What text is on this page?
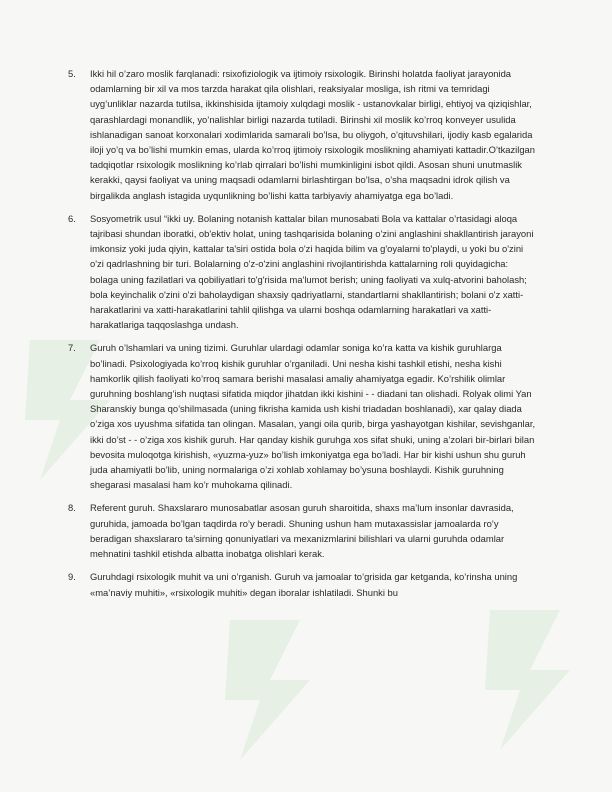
5.	Ikki hil o’zaro moslik farqlanadi: rsixofiziologik va ijtimoiy rsixologik. Birinshi holatda faoliyat jarayonida odamlarning bir xil va mos tarzda harakat qila olishlari, reaksiyalar mosliga, ish ritmi va temridagi uyg’unliklar nazarda tutilsa, ikkinshisida ijtamoiy xulqdagi moslik - ustanovkalar birligi, ehtiyoj va qiziqishlar, qarashlardagi monandlik, yo’nalishlar birligi nazarda tutiladi. Birinshi xil moslik ko’rroq konveyer usulida ishlanadigan sanoat korxonalari xodimlarida samarali bo’lsa, bu oliygoh, o’qituvshilari, ijodiy kasb egalarida iloji yo’q va bo’lishi mumkin emas, ularda ko’rroq ijtimoiy rsixologik moslikning ahamiyati kattadir.O’tkazilgan tadqiqotlar rsixologik moslikning ko’rlab qirralari bo’lishi mumkinligini isbot qildi. Asosan shuni unutmaslik kerakki, qaysi faoliyat va uning maqsadi odamlarni birlashtirgan bo’lsa, o’sha maqsadni idrok qilish va birgalikda anglash istagida uyqunlikning bo’lishi katta tarbiyaviy ahamiyatga ega bo’ladi.
6.	Sosyometrik usul “ikki uy. Bolaning notanish kattalar bilan munosabati Bola va kattalar o’rtasidagi aloqa tajribasi shundan iboratki, ob'ektiv holat, uning tashqarisida bolaning o'zini anglashini shakllantirish jarayoni imkonsiz yoki juda qiyin, kattalar ta'siri ostida bola o'zi haqida bilim va g'oyalarni to'playdi, u yoki bu o'zini o'zi qadrlashning bir turi. Bolalarning o'z-o'zini anglashini rivojlantirishda kattalarning roli quyidagicha: bolaga uning fazilatlari va qobiliyatlari to'g'risida ma'lumot berish; uning faoliyati va xulq-atvorini baholash; bola keyinchalik o'zini o'zi baholaydigan shaxsiy qadriyatlarni, standartlarni shakllantirish; bolani o'z xatti-harakatlarini va xatti-harakatlarini tahlil qilishga va ularni boshqa odamlarning harakatlari va xatti-harakatlariga taqqoslashga undash.
7.	Guruh o’lshamlari va uning tizimi. Guruhlar ulardagi odamlar soniga ko’ra katta va kishik guruhlarga bo’linadi. Psixologiyada ko’rroq kishik guruhlar o’rganiladi. Uni nesha kishi tashkil etishi, nesha kishi hamkorlik qilish faoliyati ko’rroq samara berishi masalasi amaliy ahamiyatga egadir. Ko’rshilik olimlar guruhning boshlang’ish nuqtasi sifatida miqdor jihatdan ikki kishini - - diadani tan olishadi. Rolyak olimi Yan Sharanskiy bunga qo’shilmasada (uning fikrisha kamida ush kishi triadadan boshlanadi), xar qalay diada o’ziga xos uyushma sifatida tan olingan. Masalan, yangi oila qurib, birga yashayotgan kishilar, sevishganlar, ikki do’st - - o’ziga xos kishik guruh. Har qanday kishik guruhga xos sifat shuki, uning a’zolari bir-birlari bilan bevosita muloqotga kirishish, «yuzma-yuz» bo’lish imkoniyatga ega bo’ladi. Har bir kishi ushun shu guruh juda ahamiyatli bo’lib, uning normalariga o’zi xohlab xohlamay bo’ysuna boshlaydi. Kishik guruhning shegarasi masalasi ham ko’r muhokama qilinadi.
8.	Referent guruh. Shaxslararo munosabatlar asosan guruh sharoitida, shaxs ma’lum insonlar davrasida, guruhida, jamoada bo’lgan taqdirda ro’y beradi. Shuning ushun ham mutaxassislar jamoalarda ro’y beradigan shaxslararo ta’sirning qonuniyatlari va mexanizmlarini bilishlari va ularni guruhda odamlar mehnatini tashkil etishda albatta inobatga olishlari kerak.
9.	Guruhdagi rsixologik muhit va uni o’rganish. Guruh va jamoalar to’grisida gar ketganda, ko’rinsha uning «ma’naviy muhiti», «rsixologik muhiti» degan iboralar ishlatiladi. Shunki bu
